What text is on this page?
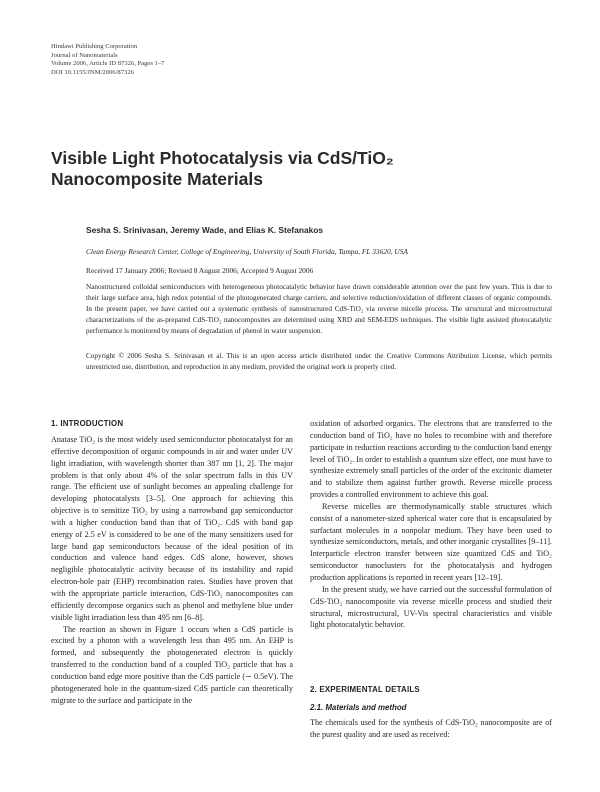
Hindawi Publishing Corporation
Journal of Nanomaterials
Volume 2006, Article ID 87326, Pages 1–7
DOI 10.1155/JNM/2006/87326
Visible Light Photocatalysis via CdS/TiO₂
Nanocomposite Materials
Sesha S. Srinivasan, Jeremy Wade, and Elias K. Stefanakos
Clean Energy Research Center, College of Engineering, University of South Florida, Tampa, FL 33620, USA
Received 17 January 2006; Revised 8 August 2006; Accepted 9 August 2006
Nanostructured colloidal semiconductors with heterogeneous photocatalytic behavior have drawn considerable attention over the past few years. This is due to their large surface area, high redox potential of the photogenerated charge carriers, and selective reduction/oxidation of different classes of organic compounds. In the present paper, we have carried out a systematic synthesis of nanostructured CdS-TiO₂ via reverse micelle process. The structural and microstructural characterizations of the as-prepared CdS-TiO₂ nanocomposites are determined using XRD and SEM-EDS techniques. The visible light assisted photocatalytic performance is monitored by means of degradation of phenol in water suspension.
Copyright © 2006 Sesha S. Srinivasan et al. This is an open access article distributed under the Creative Commons Attribution License, which permits unrestricted use, distribution, and reproduction in any medium, provided the original work is properly cited.
1. INTRODUCTION

Anatase TiO₂ is the most widely used semiconductor photocatalyst for an effective decomposition of organic compounds in air and water under UV light irradiation, with wavelength shorter than 387 nm [1, 2]. The major problem is that only about 4% of the solar spectrum falls in this UV range. The efficient use of sunlight becomes an appealing challenge for developing photocatalysts [3–5]. One approach for achieving this objective is to sensitize TiO₂ by using a narrowband gap semiconductor with a higher conduction band than that of TiO₂. CdS with band gap energy of 2.5 eV is considered to be one of the many sensitizers used for large band gap semiconductors because of the ideal position of its conduction and valence band edges. CdS alone, however, shows negligible photocatalytic activity because of its instability and rapid electron-hole pair (EHP) recombination rates. Studies have proven that with the appropriate particle interaction, CdS-TiO₂ nanocomposites can efficiently decompose organics such as phenol and methylene blue under visible light irradiation less than 495 nm [6–8].

The reaction as shown in Figure 1 occurs when a CdS particle is excited by a photon with a wavelength less than 495 nm. An EHP is formed, and subsequently the photogenerated electron is quickly transferred to the conduction band of a coupled TiO₂ particle that has a conduction band edge more positive than the CdS particle (∼ 0.5eV). The photogenerated hole in the quantum-sized CdS particle can theoretically migrate to the surface and participate in the

oxidation of adsorbed organics. The electrons that are transferred to the conduction band of TiO₂ have no holes to recombine with and therefore participate in reduction reactions according to the conduction band energy level of TiO₂. In order to establish a quantum size effect, one must have to synthesize extremely small particles of the order of the excitonic diameter and to stabilize them against further growth. Reverse micelle process provides a controlled environment to achieve this goal.

Reverse micelles are thermodynamically stable structures which consist of a nanometer-sized spherical water core that is encapsulated by surfactant molecules in a nonpolar medium. They have been used to synthesize semiconductors, metals, and other inorganic crystallites [9–11]. Interparticle electron transfer between size quantized CdS and TiO₂ semiconductor nanoclusters for the photocatalysis and hydrogen production applications is reported in recent years [12–19].

In the present study, we have carried out the successful formulation of CdS-TiO₂ nanocomposite via reverse micelle process and studied their structural, microstructural, UV-Vis spectral characteristics and visible light photocatalytic behavior.

2. EXPERIMENTAL DETAILS
2.1. Materials and method

The chemicals used for the synthesis of CdS-TiO₂ nanocomposite are of the purest quality and are used as received:
